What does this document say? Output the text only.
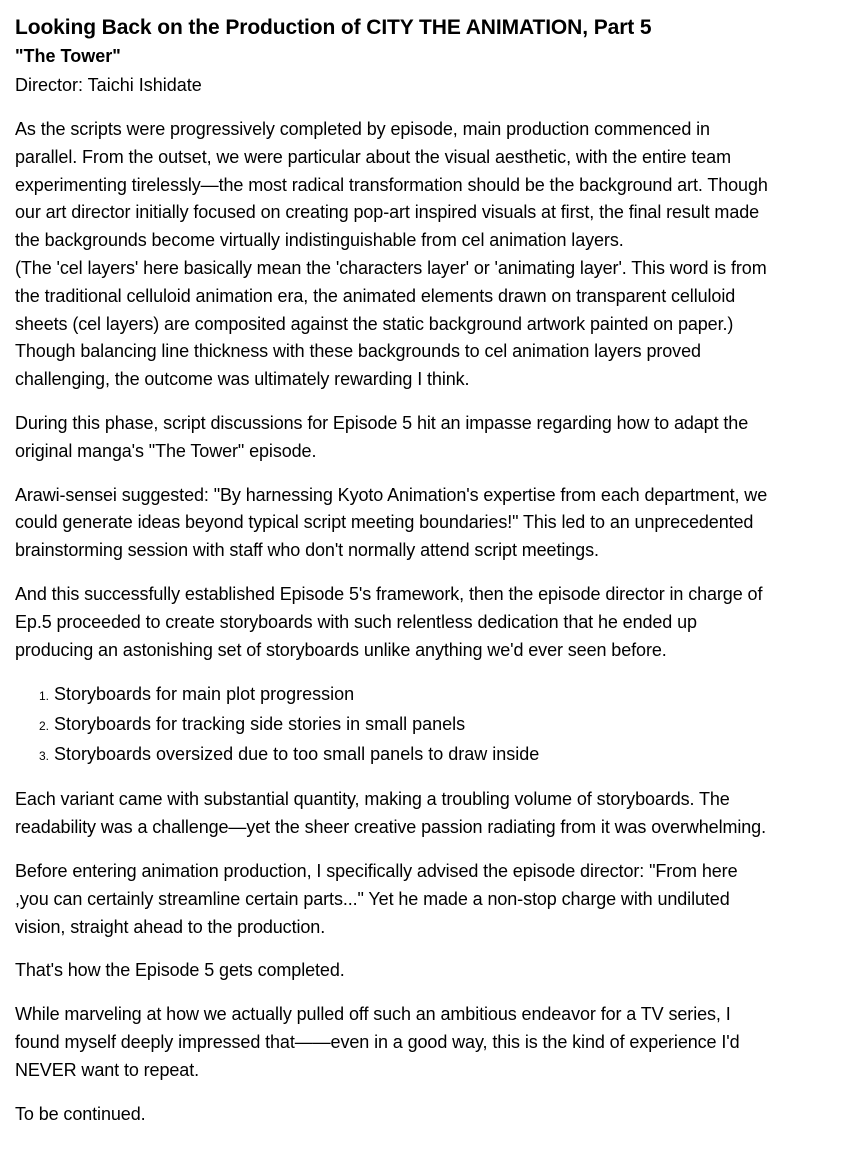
Looking Back on the Production of CITY THE ANIMATION, Part 5
"The Tower"

Director: Taichi Ishidate

As the scripts were progressively completed by episode, main production commenced in
parallel. From the outset, we were particular about the visual aesthetic, with the entire team
experimenting tirelessly—the most radical transformation should be the background art. Though
our art director initially focused on creating pop-art inspired visuals at first, the final result made
the backgrounds become virtually indistinguishable from cel animation layers.
(The 'cel layers' here basically mean the 'characters layer' or 'animating layer'. This word is from
the traditional celluloid animation era, the animated elements drawn on transparent celluloid
sheets (cel layers) are composited against the static background artwork painted on paper.)
Though balancing line thickness with these backgrounds to cel animation layers proved
challenging, the outcome was ultimately rewarding I think.

During this phase, script discussions for Episode 5 hit an impasse regarding how to adapt the
original manga's "The Tower" episode.

Arawi-sensei suggested: "By harnessing Kyoto Animation's expertise from each department, we
could generate ideas beyond typical script meeting boundaries!" This led to an unprecedented
brainstorming session with staff who don't normally attend script meetings.

And this successfully established Episode 5's framework, then the episode director in charge of
Ep.5 proceeded to create storyboards with such relentless dedication that he ended up
producing an astonishing set of storyboards unlike anything we'd ever seen before.

1. Storyboards for main plot progression
2. Storyboards for tracking side stories in small panels
3. Storyboards oversized due to too small panels to draw inside

Each variant came with substantial quantity, making a troubling volume of storyboards. The
readability was a challenge—yet the sheer creative passion radiating from it was overwhelming.

Before entering animation production, I specifically advised the episode director: "From here
,you can certainly streamline certain parts..." Yet he made a non-stop charge with undiluted
vision, straight ahead to the production.

That's how the Episode 5 gets completed.

While marveling at how we actually pulled off such an ambitious endeavor for a TV series, I
found myself deeply impressed that——even in a good way, this is the kind of experience I'd
NEVER want to repeat.

To be continued.
